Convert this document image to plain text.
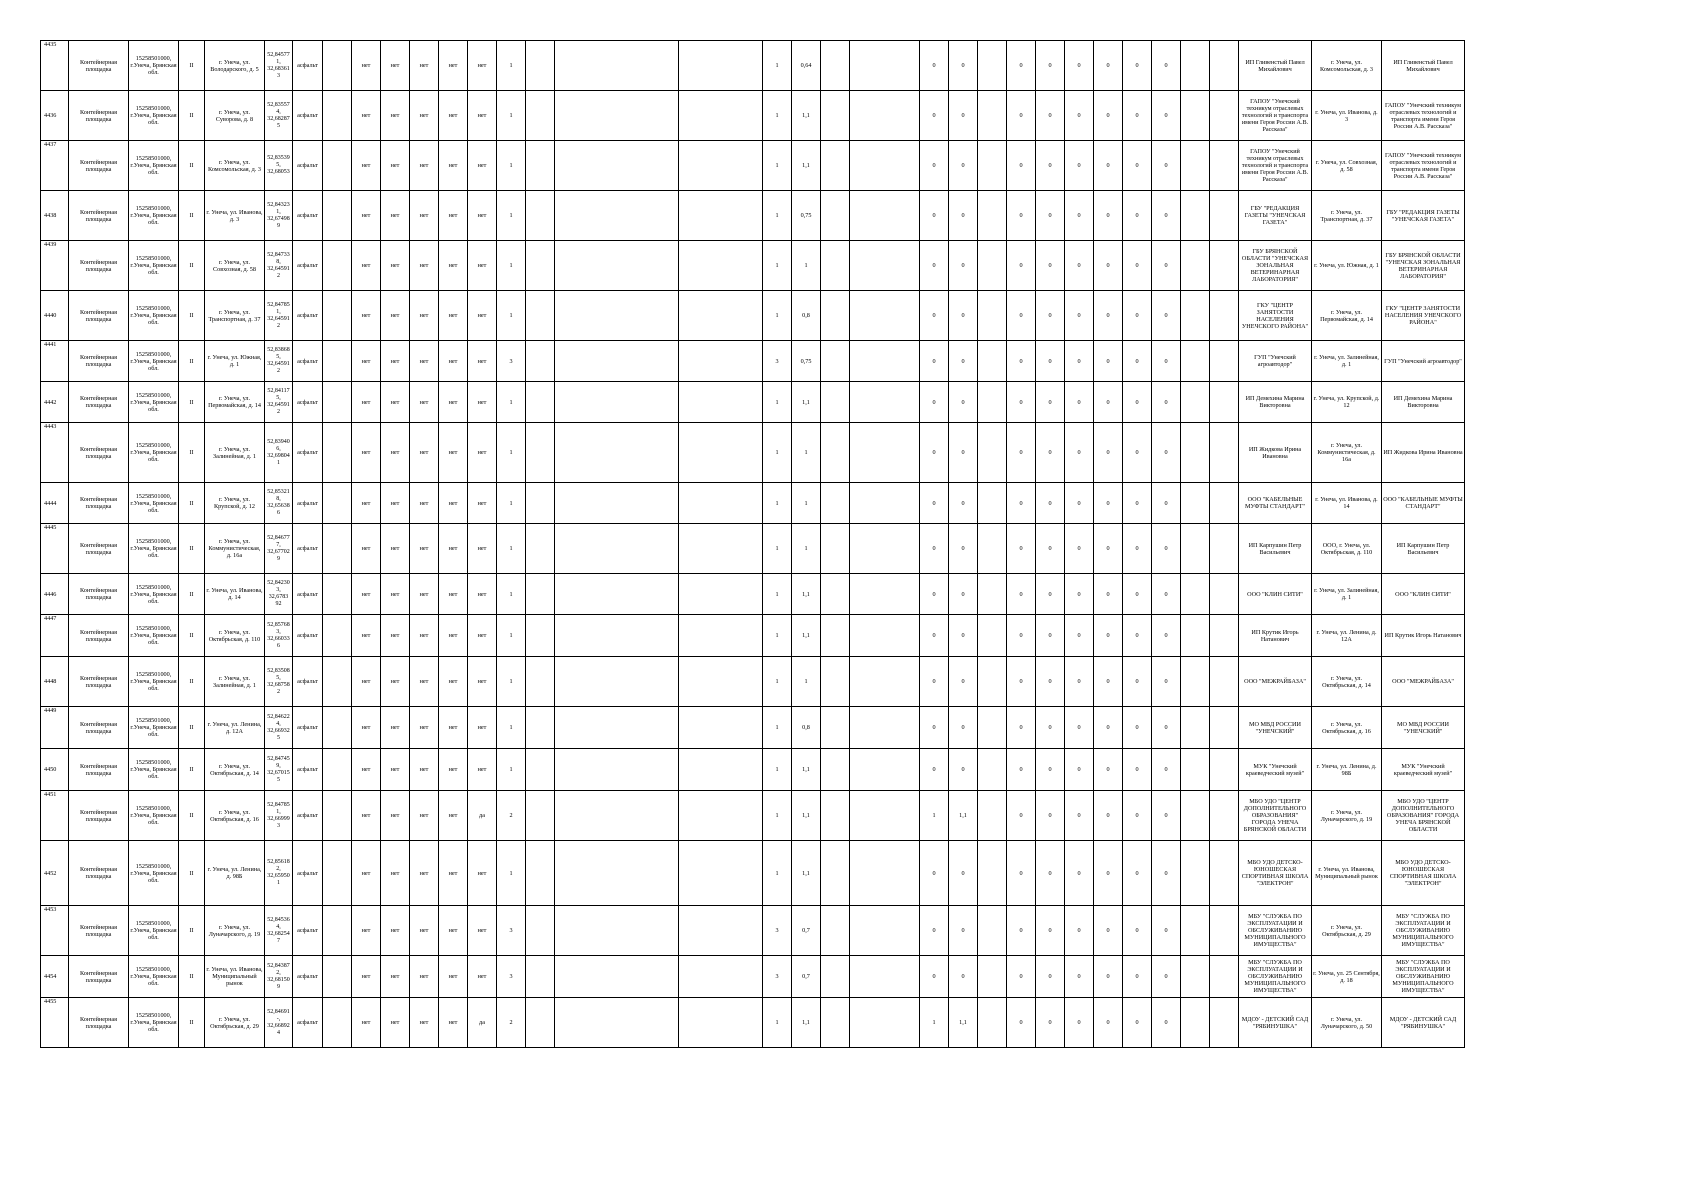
4435	Контейнерная площадка	15258501000, г.Унеча, Брянская обл.	II	г. Унеча, ул. Володарского, д. 5	52,84577 1, 32,68361 3	асфальт		нет	нет	нет	нет	нет	1				1	0,64			0	0		0	0	0	0	0	0			ИП Гливенстый Павел Михайлович	г. Унеча, ул. Комсомольская, д. 3	ИП Гливенстый Павел Михайлович
4436	Контейнерная площадка	15258501000, г.Унеча, Брянская обл.	II	г. Унеча, ул. Суворова, д. 8	52,83557 4, 32,68287 5	асфальт		нет	нет	нет	нет	нет	1				1	1,1			0	0		0	0	0	0	0	0			ГАПОУ "Унечский техникум отраслевых технологий и транспорта имени Героя России А.В. Рассказа"	г. Унеча, ул. Иванова, д. 3	ГАПОУ "Унечский техникум отраслевых технологий и транспорта имени Героя России А.В. Рассказа"
4437	Контейнерная площадка	15258501000, г.Унеча, Брянская обл.	II	г. Унеча, ул. Комсомольская, д. 3	52,83539 5, 32,68053	асфальт		нет	нет	нет	нет	нет	1				1	1,1			0	0		0	0	0	0	0	0			ГАПОУ "Унечский техникум отраслевых технологий и транспорта имени Героя России А.В. Рассказа"	г. Унеча, ул. Совхозная, д. 58	ГАПОУ "Унечский техникум отраслевых технологий и транспорта имени Героя России А.В. Рассказа"
4438	Контейнерная площадка	15258501000, г.Унеча, Брянская обл.	II	г. Унеча, ул. Иванова, д. 3	52,84323 1, 32,67498 9	асфальт		нет	нет	нет	нет	нет	1				1	0,75			0	0		0	0	0	0	0	0			ГБУ "РЕДАКЦИЯ ГАЗЕТЫ "УНЕЧСКАЯ ГАЗЕТА"	г. Унеча, ул. Транспортная, д. 37	ГБУ "РЕДАКЦИЯ ГАЗЕТЫ "УНЕЧСКАЯ ГАЗЕТА"
4439	Контейнерная площадка	15258501000, г.Унеча, Брянская обл.	II	г. Унеча, ул. Совхозная, д. 58	52,84733 8, 32,64591 2	асфальт		нет	нет	нет	нет	нет	1				1	1			0	0		0	0	0	0	0	0			ГБУ БРЯНСКОЙ ОБЛАСТИ "УНЕЧСКАЯ ЗОНАЛЬНАЯ ВЕТЕРИНАРНАЯ ЛАБОРАТОРИЯ"	г. Унеча, ул. Южная, д. 1	ГБУ БРЯНСКОЙ ОБЛАСТИ "УНЕЧСКАЯ ЗОНАЛЬНАЯ ВЕТЕРИНАРНАЯ ЛАБОРАТОРИЯ"
4440	Контейнерная площадка	15258501000, г.Унеча, Брянская обл.	II	г. Унеча, ул. Транспортная, д. 37	52,84785 1, 32,64591 2	асфальт		нет	нет	нет	нет	нет	1				1	0,8			0	0		0	0	0	0	0	0			ГКУ "ЦЕНТР ЗАНЯТОСТИ НАСЕЛЕНИЯ УНЕЧСКОГО РАЙОНА"	г. Унеча, ул. Первомайская, д. 14	ГКУ "ЦЕНТР ЗАНЯТОСТИ НАСЕЛЕНИЯ УНЕЧСКОГО РАЙОНА"
4441	Контейнерная площадка	15258501000, г.Унеча, Брянская обл.	II	г. Унеча, ул. Южная, д. 1	52,83868 5, 32,64591 2	асфальт		нет	нет	нет	нет	нет	3				3	0,75			0	0		0	0	0	0	0	0			ГУП "Унечский агроавтодор"	г. Унеча, ул. Залинейная, д. 1	ГУП "Унечский агроавтодор"
4442	Контейнерная площадка	15258501000, г.Унеча, Брянская обл.	II	г. Унеча, ул. Первомайская, д. 14	52,84117 5, 32,64591 2	асфальт		нет	нет	нет	нет	нет	1				1	1,1			0	0		0	0	0	0	0	0			ИП Демехина Марина Викторовна	г. Унеча, ул. Крупской, д. 12	ИП Демехина Марина Викторовна
4443	Контейнерная площадка	15258501000, г.Унеча, Брянская обл.	II	г. Унеча, ул. Залинейная, д. 1	52,83940 6, 32,69804 1	асфальт		нет	нет	нет	нет	нет	1				1	1			0	0		0	0	0	0	0	0			ИП Жидкова Ирина Ивановна	г. Унеча, ул. Коммунистическая, д. 16а	ИП Жидкова Ирина Ивановна
4444	Контейнерная площадка	15258501000, г.Унеча, Брянская обл.	II	г. Унеча, ул. Крупской, д. 12	52,85321 8, 32,65638 6	асфальт		нет	нет	нет	нет	нет	1				1	1			0	0		0	0	0	0	0	0			ООО "КАБЕЛЬНЫЕ МУФТЫ СТАНДАРТ"	г. Унеча, ул. Иванова, д. 14	ООО "КАБЕЛЬНЫЕ МУФТЫ СТАНДАРТ"
4445	Контейнерная площадка	15258501000, г.Унеча, Брянская обл.	II	г. Унеча, ул. Коммунистическая, д. 16а	52,84677 7, 32,67702 9	асфальт		нет	нет	нет	нет	нет	1				1	1			0	0		0	0	0	0	0	0			ИП Карпушин Петр Васильевич	ООО, г. Унеча, ул. Октябрьская, д. 110	ИП Карпушин Петр Васильевич
4446	Контейнерная площадка	15258501000, г.Унеча, Брянская обл.	II	г. Унеча, ул. Иванова, д. 14	52,84230 3, 32,6783 92	асфальт		нет	нет	нет	нет	нет	1				1	1,1			0	0		0	0	0	0	0	0			ООО "КЛИН СИТИ"	г. Унеча, ул. Залинейная, д. 1	ООО "КЛИН СИТИ"
4447	Контейнерная площадка	15258501000, г.Унеча, Брянская обл.	II	г. Унеча, ул. Октябрьская, д. 110	52,85768 3, 32,66033 6	асфальт		нет	нет	нет	нет	нет	1				1	1,1			0	0		0	0	0	0	0	0			ИП Крутик Игорь Натанович	г. Унеча, ул. Ленина, д. 12А	ИП Крутик Игорь Натанович
4448	Контейнерная площадка	15258501000, г.Унеча, Брянская обл.	II	г. Унеча, ул. Залинейная, д. 1	52,83508 5, 32,68758 2	асфальт		нет	нет	нет	нет	нет	1				1	1			0	0		0	0	0	0	0	0			ООО "МЕЖРАЙБАЗА"	г. Унеча, ул. Октябрьская, д. 14	ООО "МЕЖРАЙБАЗА"
4449	Контейнерная площадка	15258501000, г.Унеча, Брянская обл.	II	г. Унеча, ул. Ленина, д. 12А	52,84622 4, 32,66932 5	асфальт		нет	нет	нет	нет	нет	1				1	0,8			0	0		0	0	0	0	0	0			МО МВД РОССИИ "УНЕЧСКИЙ"	г. Унеча, ул. Октябрьская, д. 16	МО МВД РОССИИ "УНЕЧСКИЙ"
4450	Контейнерная площадка	15258501000, г.Унеча, Брянская обл.	II	г. Унеча, ул. Октябрьская, д. 14	52,84745 9, 32,67015 5	асфальт		нет	нет	нет	нет	нет	1				1	1,1			0	0		0	0	0	0	0	0			МУК "Унечский краеведческий музей"	г. Унеча, ул. Ленина, д. 98Б	МУК "Унечский краеведческий музей"
4451	Контейнерная площадка	15258501000, г.Унеча, Брянская обл.	II	г. Унеча, ул. Октябрьская, д. 16	52,84785 1, 32,66999 3	асфальт		нет	нет	нет	нет	да	2				1	1,1			1	1,1		0	0	0	0	0	0			МБО УДО "ЦЕНТР ДОПОЛНИТЕЛЬНОГО ОБРАЗОВАНИЯ" ГОРОДА УНЕЧА БРЯНСКОЙ ОБЛАСТИ	г. Унеча, ул. Луначарского, д. 19	МБО УДО "ЦЕНТР ДОПОЛНИТЕЛЬНОГО ОБРАЗОВАНИЯ" ГОРОДА УНЕЧА БРЯНСКОЙ ОБЛАСТИ
4452	Контейнерная площадка	15258501000, г.Унеча, Брянская обл.	II	г. Унеча, ул. Ленина, д. 98Б	52,85618 2, 32,65950 1	асфальт		нет	нет	нет	нет	нет	1				1	1,1			0	0		0	0	0	0	0	0			МБО УДО ДЕТСКО-ЮНОШЕСКАЯ СПОРТИВНАЯ ШКОЛА "ЭЛЕКТРОН"	г. Унеча, ул. Иванова, Муниципальный рынок	МБО УДО ДЕТСКО-ЮНОШЕСКАЯ СПОРТИВНАЯ ШКОЛА "ЭЛЕКТРОН"
4453	Контейнерная площадка	15258501000, г.Унеча, Брянская обл.	II	г. Унеча, ул. Луначарского, д. 19	52,84536 4, 32,68254 7	асфальт		нет	нет	нет	нет	нет	3				3	0,7			0	0		0	0	0	0	0	0			МБУ "СЛУЖБА ПО ЭКСПЛУАТАЦИИ И ОБСЛУЖИВАНИЮ МУНИЦИПАЛЬНОГО ИМУЩЕСТВА"	г. Унеча, ул. Октябрьская, д. 29	МБУ "СЛУЖБА ПО ЭКСПЛУАТАЦИИ И ОБСЛУЖИВАНИЮ МУНИЦИПАЛЬНОГО ИМУЩЕСТВА"
4454	Контейнерная площадка	15258501000, г.Унеча, Брянская обл.	II	г. Унеча, ул. Иванова, Муниципальный рынок	52,84387 2, 32,68150 9	асфальт		нет	нет	нет	нет	нет	3				3	0,7			0	0		0	0	0	0	0	0			МБУ "СЛУЖБА ПО ЭКСПЛУАТАЦИИ И ОБСЛУЖИВАНИЮ МУНИЦИПАЛЬНОГО ИМУЩЕСТВА"	г. Унеча, ул. 25 Сентября, д. 18	МБУ "СЛУЖБА ПО ЭКСПЛУАТАЦИИ И ОБСЛУЖИВАНИЮ МУНИЦИПАЛЬНОГО ИМУЩЕСТВА"
4455	Контейнерная площадка	15258501000, г.Унеча, Брянская обл.	II	г. Унеча, ул. Октябрьская, д. 29	52,84691 -, 32,66892 4	асфальт		нет	нет	нет	нет	да	2				1	1,1			1	1,1		0	0	0	0	0	0			МДОУ - ДЕТСКИЙ САД "РЯБИНУШКА"	г. Унеча, ул. Луначарского, д. 50	МДОУ - ДЕТСКИЙ САД "РЯБИНУШКА"
